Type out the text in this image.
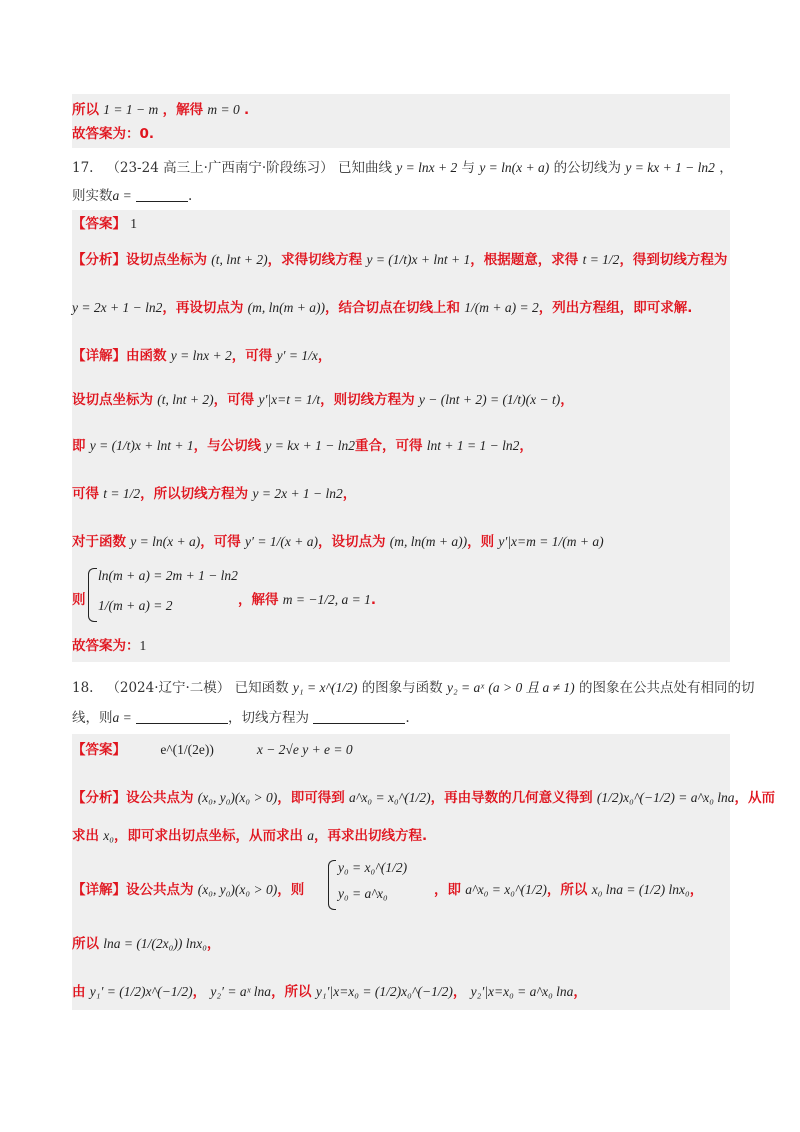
所以 1 = 1 − m ，解得 m = 0 .
故答案为：0.
17. （23-24 高三上·广西南宁·阶段练习） 已知曲线 y = lnx + 2 与 y = ln(x + a) 的公切线为 y = kx + 1 − ln2 ，
则实数a =	.
【答案】 1
【分析】设切点坐标为 (t, lnt + 2)，求得切线方程 y = (1/t)x + lnt + 1，根据题意，求得 t = 1/2，得到切线方程为
y = 2x + 1 − ln2，再设切点为 (m, ln(m + a))，结合切点在切线上和 1/(m + a) = 2，列出方程组，即可求解.
【详解】由函数 y = lnx + 2，可得 y′ = 1/x，
设切点坐标为 (t, lnt + 2)，可得 y′|x=t = 1/t，则切线方程为 y − (lnt + 2) = (1/t)(x − t)，
即 y = (1/t)x + lnt + 1，与公切线 y = kx + 1 − ln2重合，可得 lnt + 1 = 1 − ln2，
可得 t = 1/2，所以切线方程为 y = 2x + 1 − ln2，
对于函数 y = ln(x + a)，可得 y′ = 1/(x + a)，设切点为 (m, ln(m + a))，则 y′|x=m = 1/(m + a)
则
ln(m + a) = 2m + 1 − ln2
1/(m + a) = 2	，解得 m = −1/2, a = 1.
故答案为：1
18. （2024·辽宁·二模） 已知函数 y₁ = x^(1/2) 的图象与函数 y₂ = aˣ (a > 0 且 a ≠ 1) 的图象在公共点处有相同的切
线，则a =	，切线方程为	.
【答案】	e^(1/(2e))	x − 2√e y + e = 0
【分析】设公共点为 (x₀, y₀)(x₀ > 0)，即可得到 a^x₀ = x₀^(1/2)，再由导数的几何意义得到 (1/2)x₀^(−1/2) = a^x₀ lna，从而
求出 x₀，即可求出切点坐标，从而求出 a，再求出切线方程.
【详解】设公共点为 (x₀, y₀)(x₀ > 0)，则
y₀ = x₀^(1/2)
y₀ = a^x₀	，即 a^x₀ = x₀^(1/2)，所以 x₀ lna = (1/2) lnx₀，
所以 lna = (1/(2x₀)) lnx₀，
由 y₁′ = (1/2)x^(−1/2)， y₂′ = aˣ lna，所以 y₁′|x=x₀ = (1/2)x₀^(−1/2)， y₂′|x=x₀ = a^x₀ lna，
